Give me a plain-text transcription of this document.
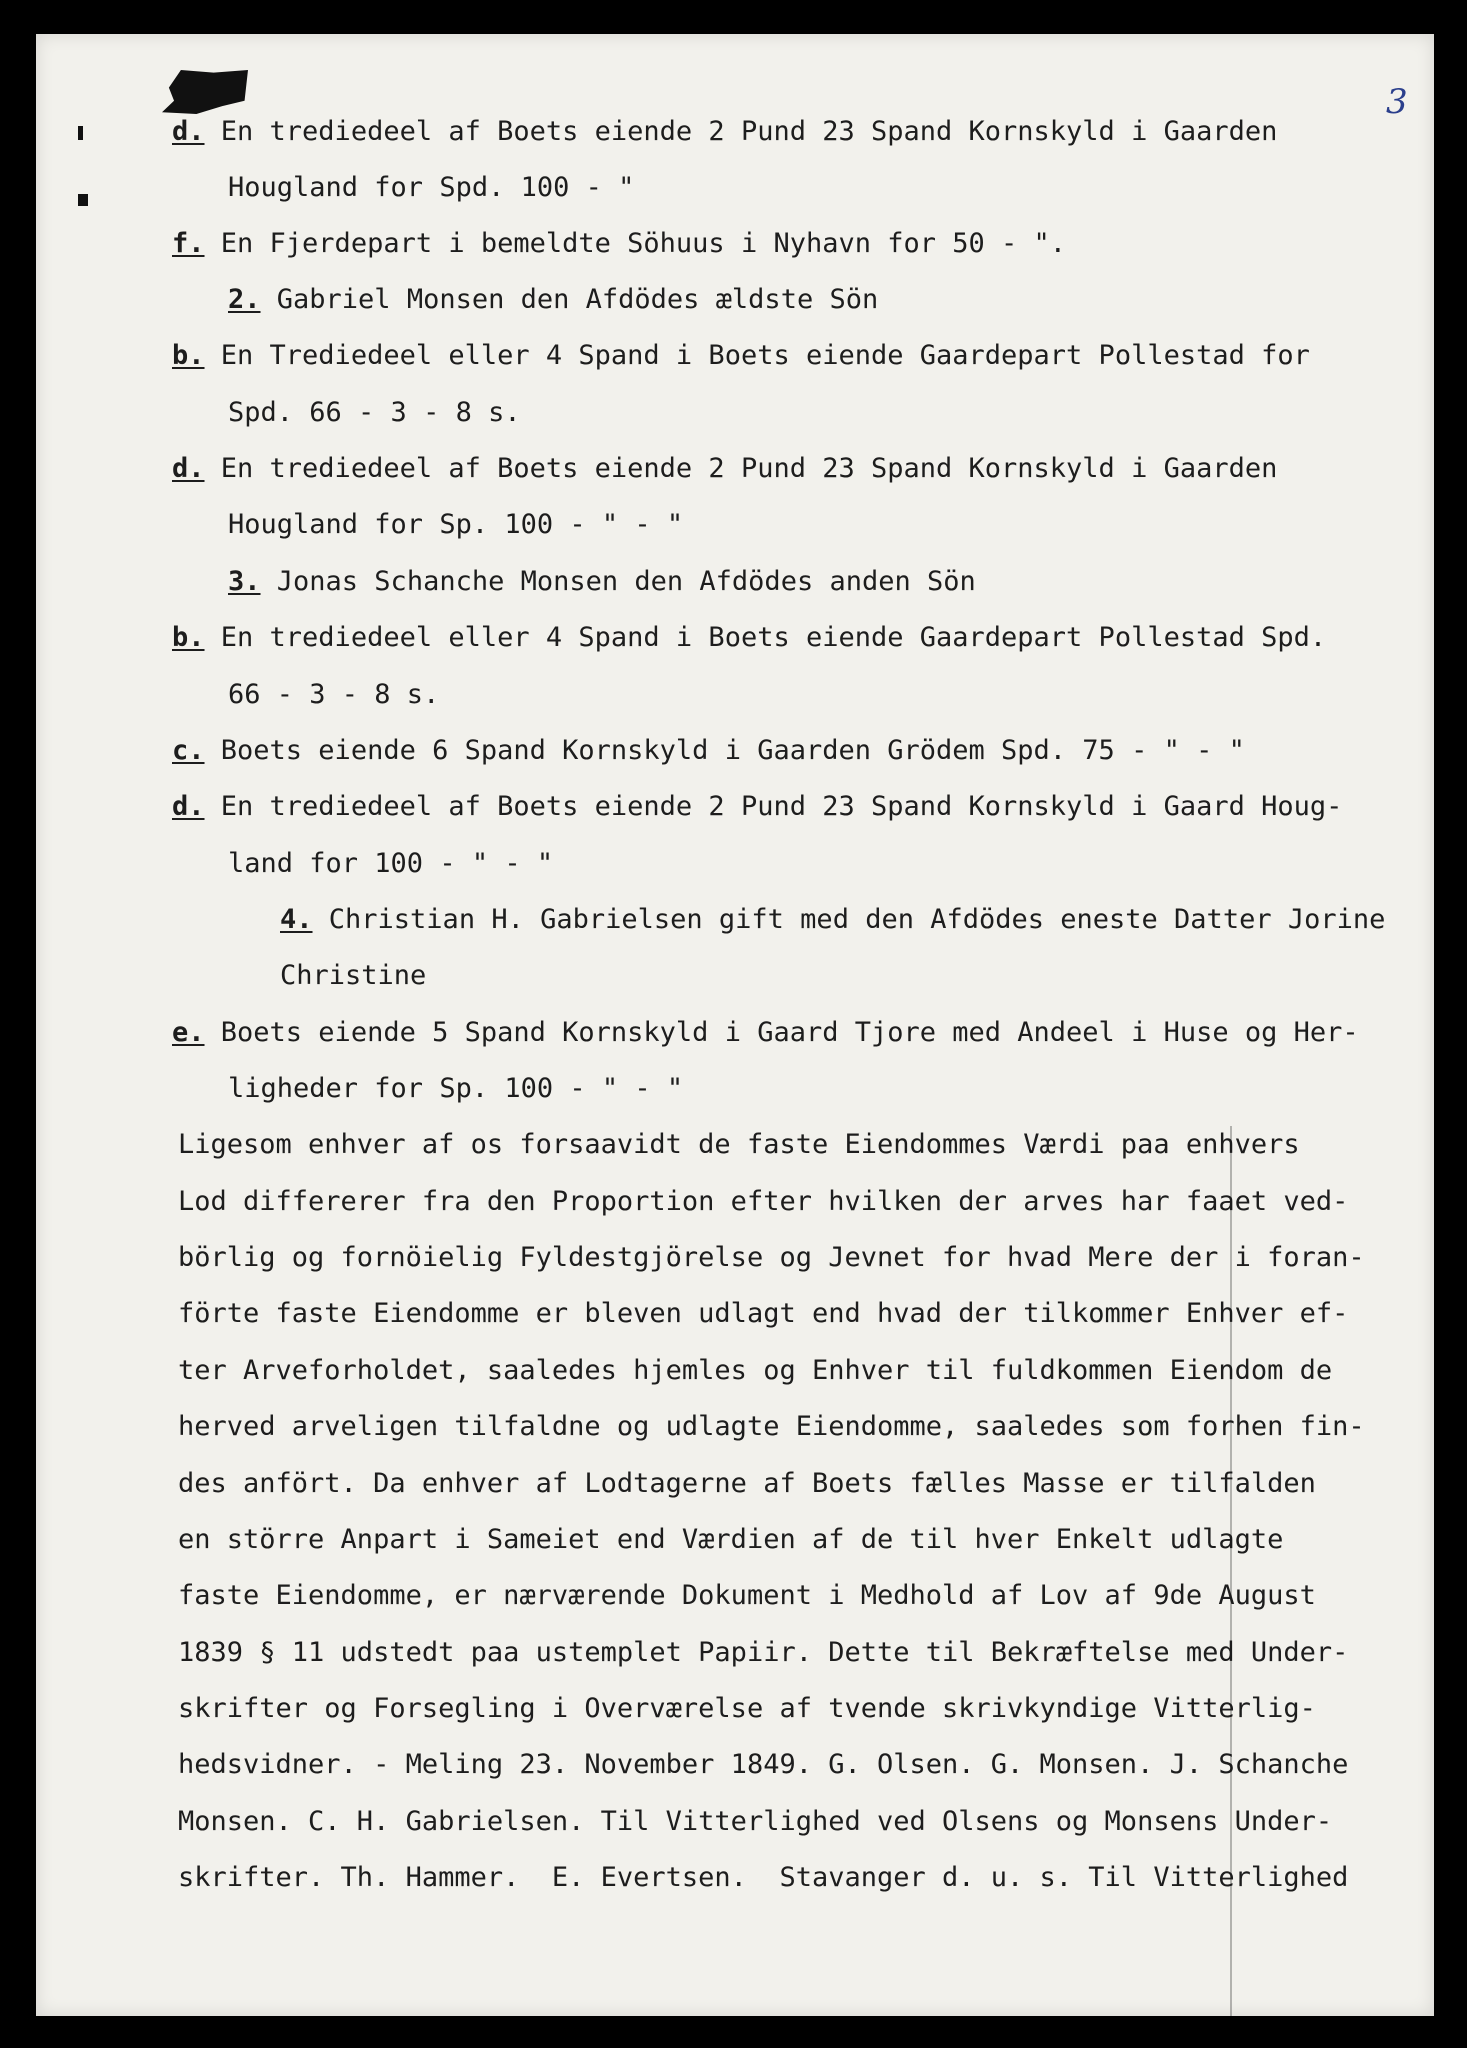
3
d. En trediedeel af Boets eiende 2 Pund 23 Spand Kornskyld i Gaarden
Hougland for Spd. 100 - "
f. En Fjerdepart i bemeldte Söhuus i Nyhavn for 50 - ".
2. Gabriel Monsen den Afdödes ældste Sön
b. En Trediedeel eller 4 Spand i Boets eiende Gaardepart Pollestad for
Spd. 66 - 3 - 8 s.
d. En trediedeel af Boets eiende 2 Pund 23 Spand Kornskyld i Gaarden
Hougland for Sp. 100 - " - "
3. Jonas Schanche Monsen den Afdödes anden Sön
b. En trediedeel eller 4 Spand i Boets eiende Gaardepart Pollestad Spd.
66 - 3 - 8 s.
c. Boets eiende 6 Spand Kornskyld i Gaarden Grödem Spd. 75 - " - "
d. En trediedeel af Boets eiende 2 Pund 23 Spand Kornskyld i Gaard Houg-
land for 100 - " - "
4. Christian H. Gabrielsen gift med den Afdödes eneste Datter Jorine
Christine
e. Boets eiende 5 Spand Kornskyld i Gaard Tjore med Andeel i Huse og Her-
ligheder for Sp. 100 - " - "
Ligesom enhver af os forsaavidt de faste Eiendommes Værdi paa enhvers
Lod differerer fra den Proportion efter hvilken der arves har faaet ved-
börlig og fornöielig Fyldestgjörelse og Jevnet for hvad Mere der i foran-
förte faste Eiendomme er bleven udlagt end hvad der tilkommer Enhver ef-
ter Arveforholdet, saaledes hjemles og Enhver til fuldkommen Eiendom de
herved arveligen tilfaldne og udlagte Eiendomme, saaledes som forhen fin-
des anfört. Da enhver af Lodtagerne af Boets fælles Masse er tilfalden
en större Anpart i Sameiet end Værdien af de til hver Enkelt udlagte
faste Eiendomme, er nærværende Dokument i Medhold af Lov af 9de August
1839 § 11 udstedt paa ustemplet Papiir. Dette til Bekræftelse med Under-
skrifter og Forsegling i Overværelse af tvende skrivkyndige Vitterlig-
hedsvidner. - Meling 23. November 1849. G. Olsen. G. Monsen. J. Schanche
Monsen. C. H. Gabrielsen. Til Vitterlighed ved Olsens og Monsens Under-
skrifter. Th. Hammer.  E. Evertsen.  Stavanger d. u. s. Til Vitterlighed
